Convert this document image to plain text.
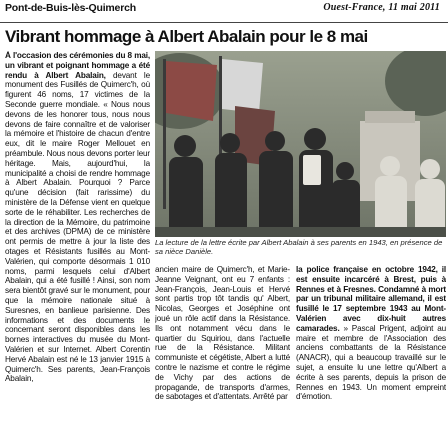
Pont-de-Buis-lès-Quimerch	Ouest-France, 11 mai 2011
Vibrant hommage à Albert Abalain pour le 8 mai
À l'occasion des cérémonies du 8 mai, un vibrant et poignant hommage a été rendu à Albert Abalain, devant le monument des Fusillés de Quimerc'h, où figurent 46 noms, 17 victimes de la Seconde guerre mondiale. « Nous nous devons de les honorer tous, nous nous devons de faire connaître et de valoriser la mémoire et l'histoire de chacun d'entre eux, dit le maire Roger Mellouet en préambule. Nous nous devons porter leur héritage. Mais, aujourd'hui, la municipalité a choisi de rendre hommage à Albert Abalain. Pourquoi ? Parce qu'une décision (fait rarissime) du ministère de la Défense vient en quelque sorte de le réhabiliter. Les recherches de la direction de la Mémoire, du patrimoine et des archives (DPMA) de ce ministère ont permis de mettre à jour la liste des otages et Résistants fusillés au Mont-Valérien, qui comporte désormais 1 010 noms, parmi lesquels celui d'Albert Abalain, qui a été fusillé ! Ainsi, son nom sera bientôt gravé sur le monument, pour que la mémoire nationale situé à Suresnes, en banlieue parisienne. Des informations et des documents le concernant seront disponibles dans les bornes interactives du musée du Mont-Valérien et sur Internet. Albert Corentin Hervé Abalain est né le 13 janvier 1915 à Quimerc'h. Ses parents, Jean-François Abalain,
La lecture de la lettre écrite par Albert Abalain à ses parents en 1943, en présence de sa nièce Danièle.
ancien maire de Quimerc'h, et Marie-Jeanne Veignant, ont eu 7 enfants : Jean-François, Jean-Louis et Hervé sont partis trop tôt tandis qu' Albert, Nicolas, Georges et Joséphine ont joué un rôle actif dans la Résistance. Ils ont notamment vécu dans le quartier du Squiriou, dans l'actuelle rue de la Résistance. Militant communiste et cégétiste, Albert a lutté contre le nazisme et contre le régime de Vichy par des actions de propagande, de transports d'armes, de sabotages et d'attentats. Arrêté par
la police française en octobre 1942, il est ensuite incarcéré à Brest, puis à Rennes et à Fresnes. Condamné à mort par un tribunal militaire allemand, il est fusillé le 17 septembre 1943 au Mont-Valérien avec dix-huit autres camarades. » Pascal Prigent, adjoint au maire et membre de l'Association des anciens combattants de la Résistance (ANACR), qui a beaucoup travaillé sur le sujet, a ensuite lu une lettre qu'Albert a écrite à ses parents, depuis la prison de Rennes en 1943. Un moment empreint d'émotion.
